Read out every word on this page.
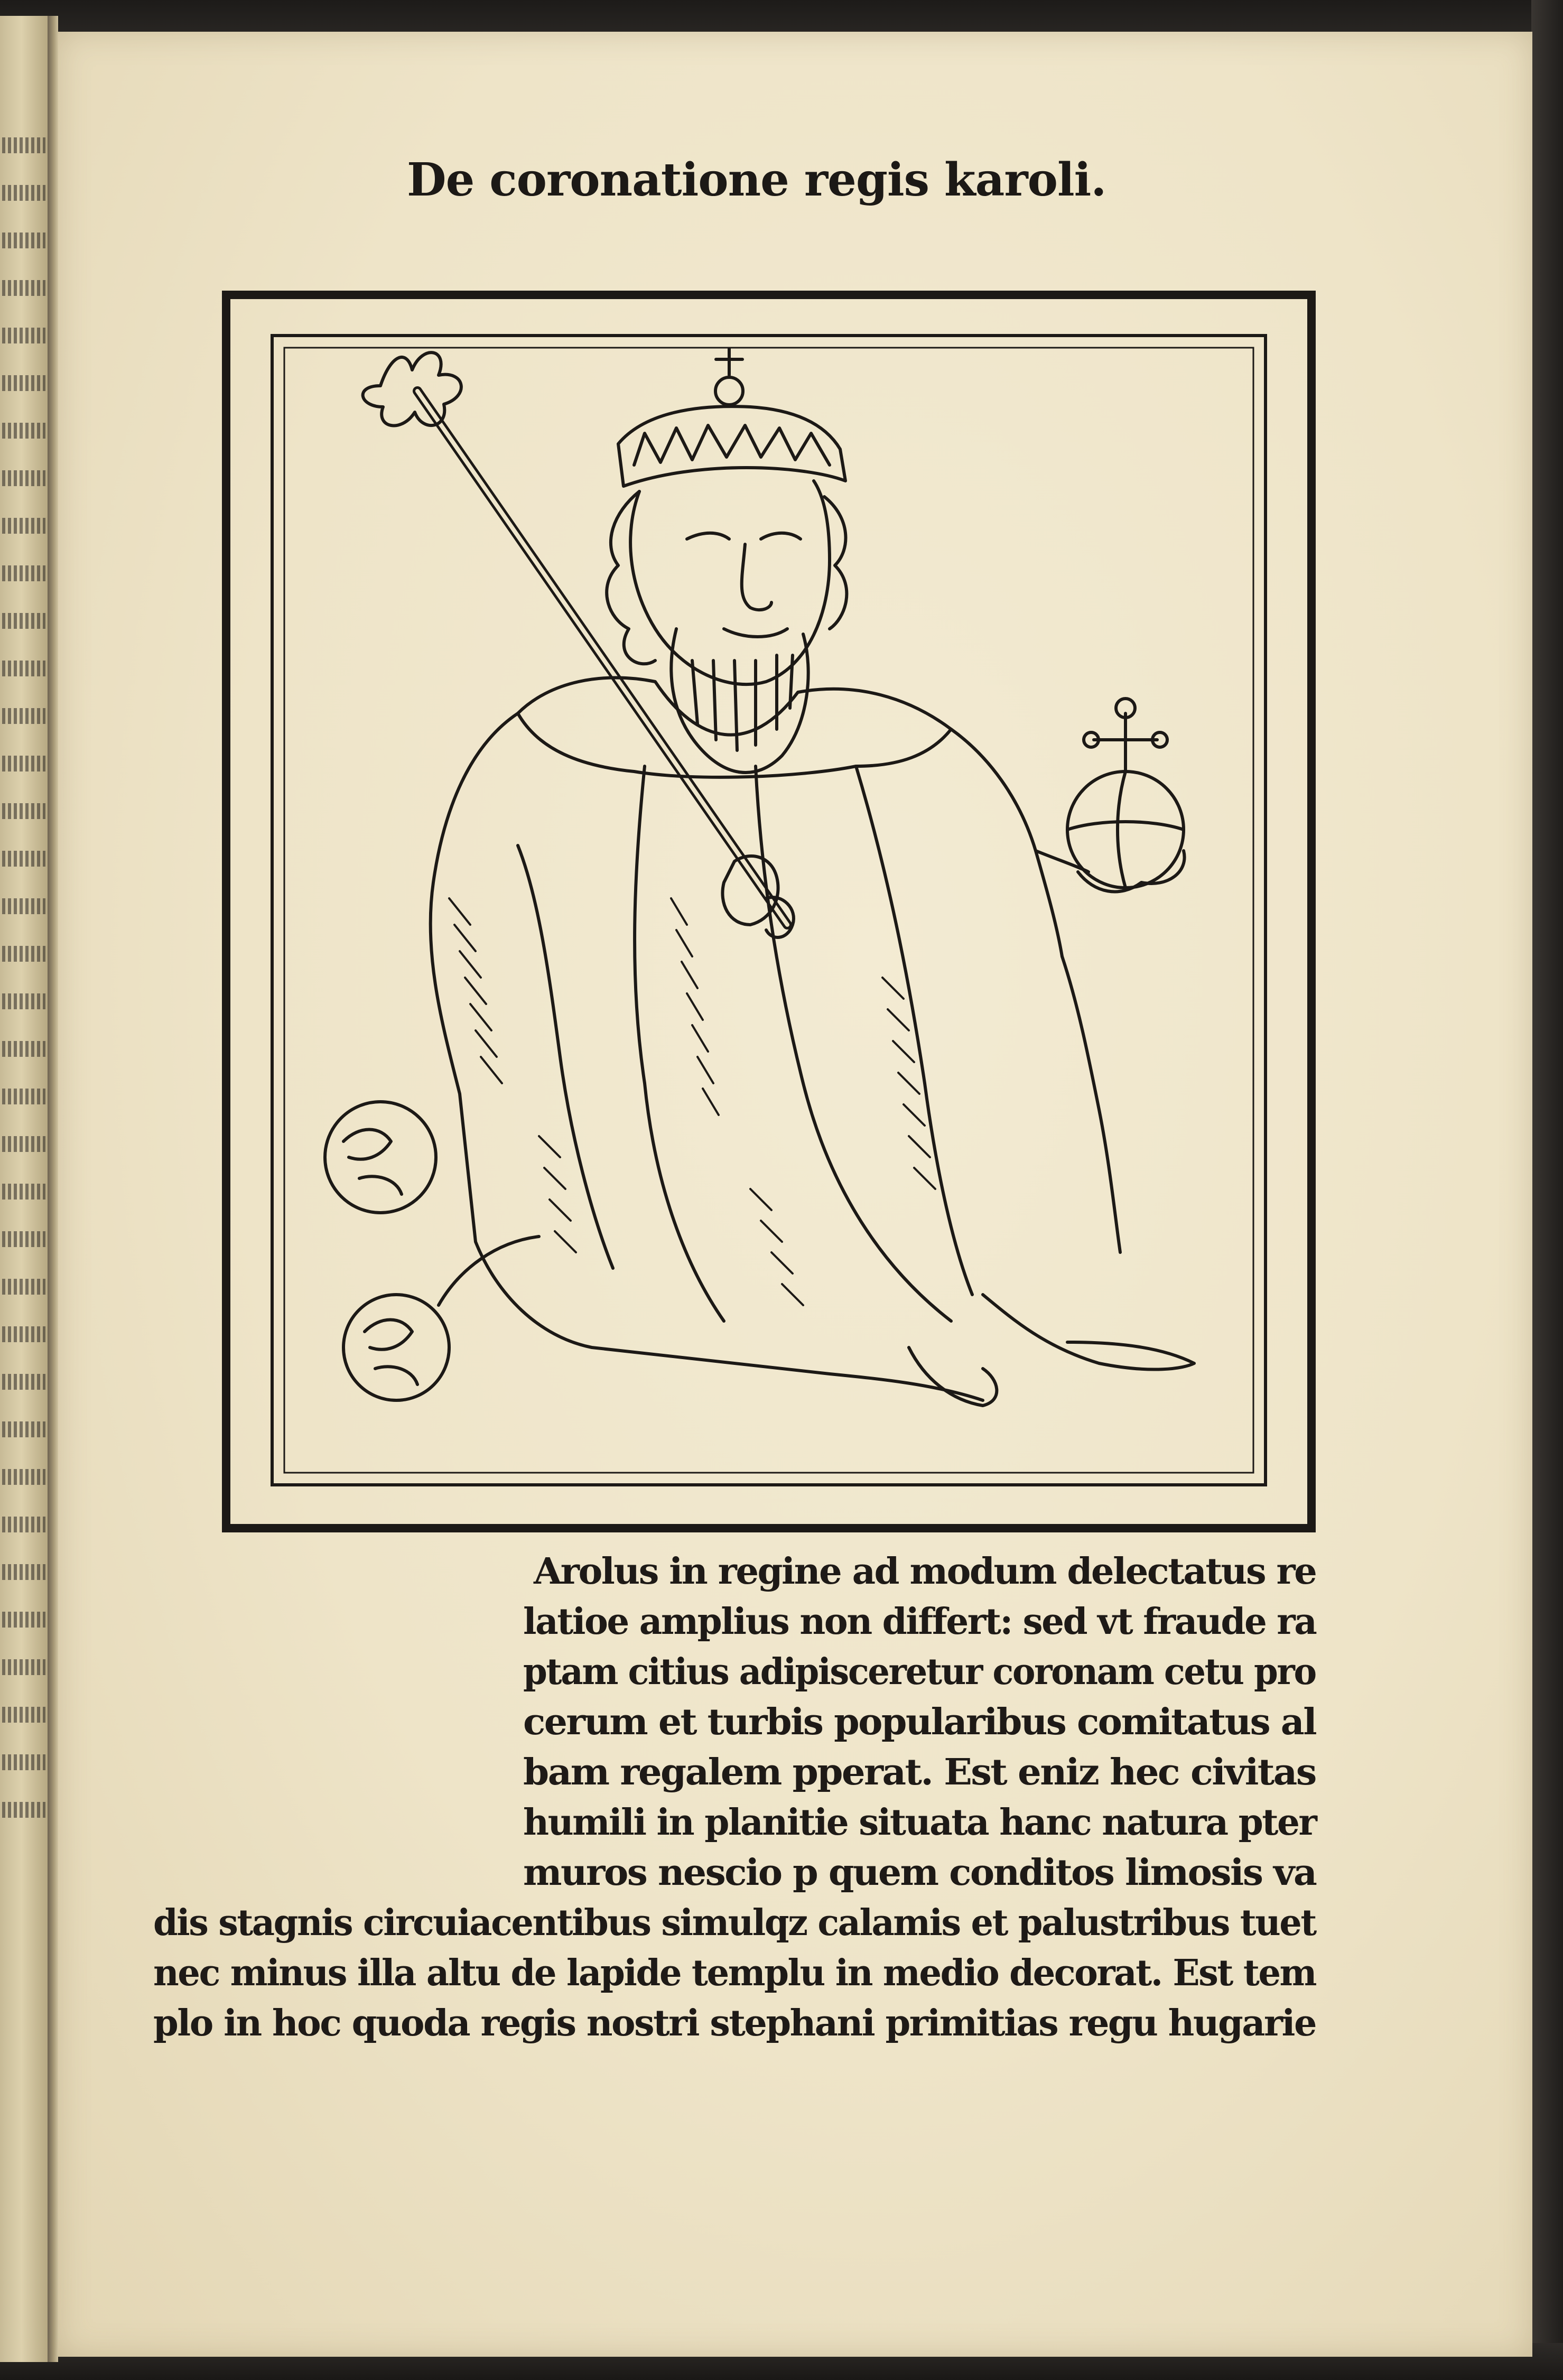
De coronatione regis karoli.
Arolus in regine ad modum delectatus re
latioe amplius non differt: sed vt fraude ra
ptam citius adipisceretur coronam cetu pro
cerum et turbis popularibus comitatus al
bam regalem pperat. Est eniz hec civitas
humili in planitie situata hanc natura pter
muros nescio p quem conditos limosis va
dis stagnis circuiacentibus simulqz calamis et palustribus tuet
nec minus illa altu de lapide templu in medio decorat. Est tem
plo in hoc quoda regis nostri stephani primitias regu hugarie
